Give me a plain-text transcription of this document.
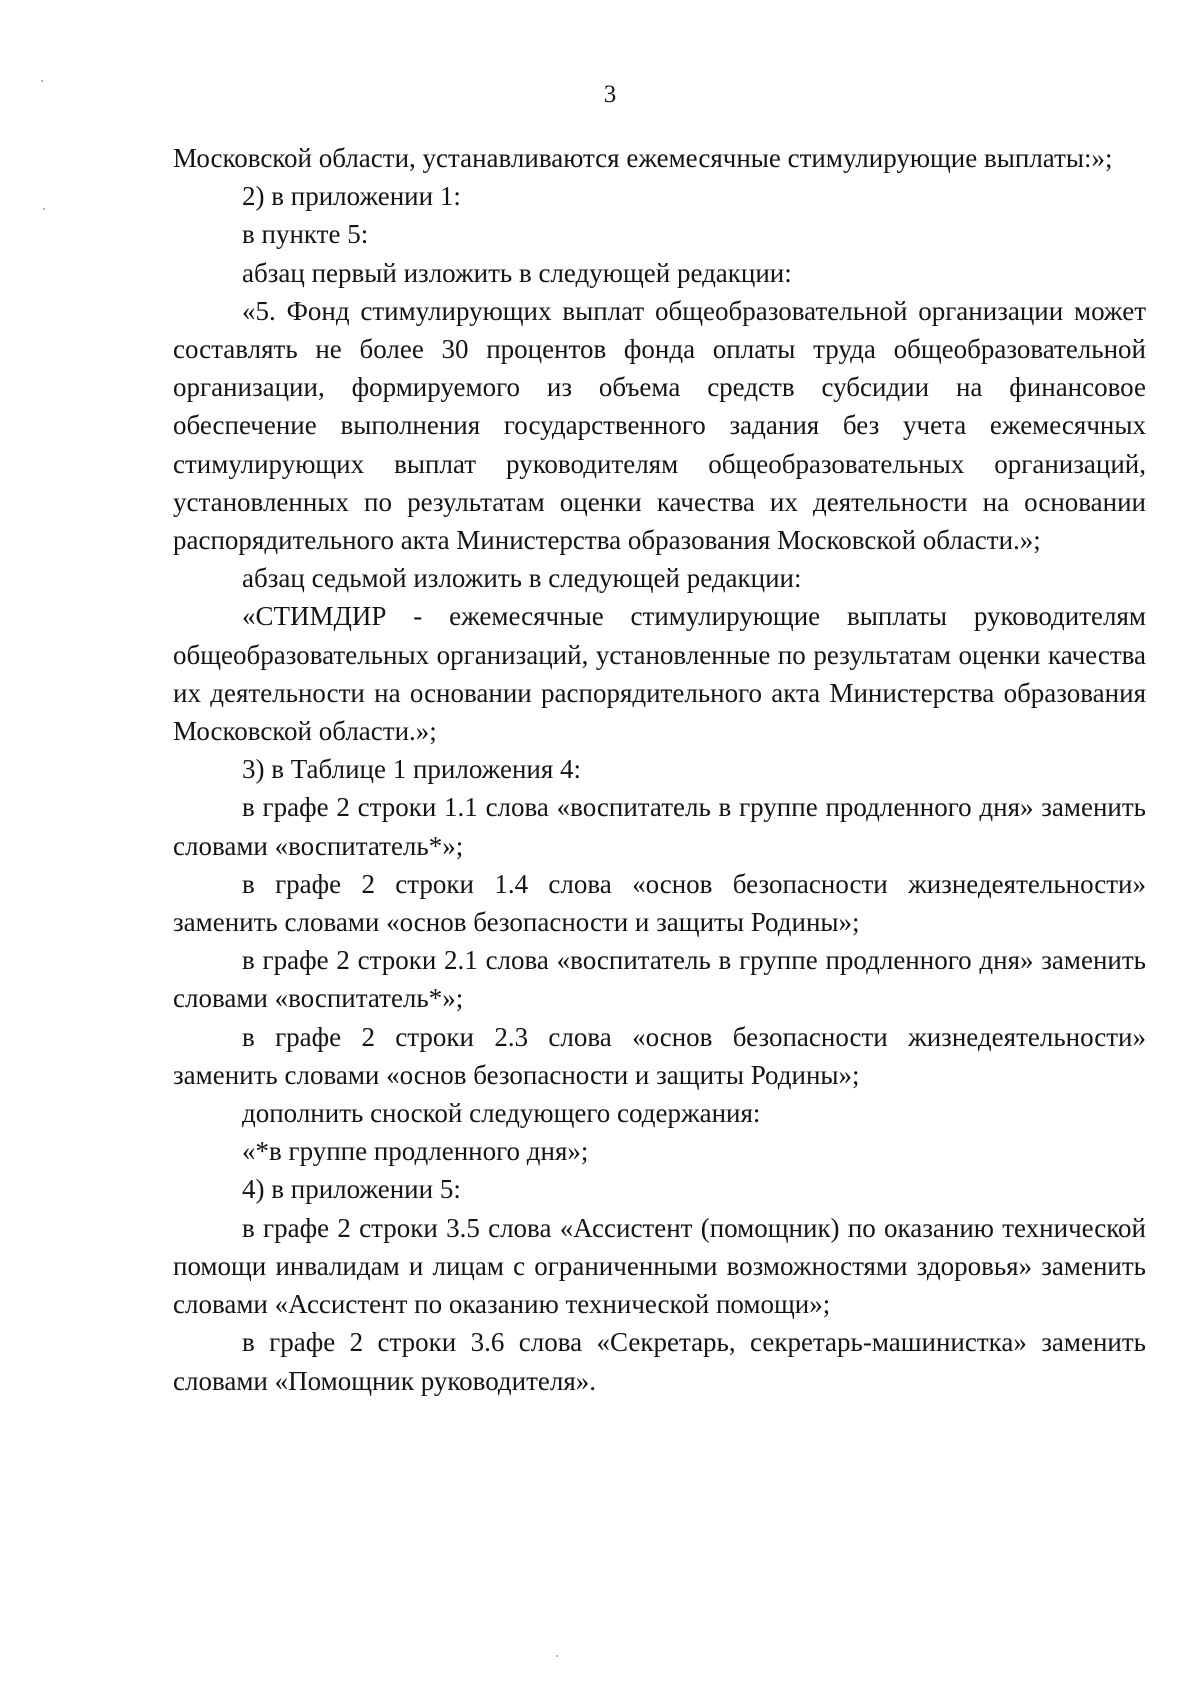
3

Московской области, устанавливаются ежемесячные стимулирующие выплаты:»;

2) в приложении 1:

в пункте 5:

абзац первый изложить в следующей редакции:

«5. Фонд стимулирующих выплат общеобразовательной организации может составлять не более 30 процентов фонда оплаты труда общеобразовательной организации, формируемого из объема средств субсидии на финансовое обеспечение выполнения государственного задания без учета ежемесячных стимулирующих выплат руководителям общеобразовательных организаций, установленных по результатам оценки качества их деятельности на основании распорядительного акта Министерства образования Московской области.»;

абзац седьмой изложить в следующей редакции:

«СТИМДИР - ежемесячные стимулирующие выплаты руководителям общеобразовательных организаций, установленные по результатам оценки качества их деятельности на основании распорядительного акта Министерства образования Московской области.»;

3) в Таблице 1 приложения 4:

в графе 2 строки 1.1 слова «воспитатель в группе продленного дня» заменить словами «воспитатель*»;

в графе 2 строки 1.4 слова «основ безопасности жизнедеятельности» заменить словами «основ безопасности и защиты Родины»;

в графе 2 строки 2.1 слова «воспитатель в группе продленного дня» заменить словами «воспитатель*»;

в графе 2 строки 2.3 слова «основ безопасности жизнедеятельности» заменить словами «основ безопасности и защиты Родины»;

дополнить сноской следующего содержания:

«*в группе продленного дня»;

4) в приложении 5:

в графе 2 строки 3.5 слова «Ассистент (помощник) по оказанию технической помощи инвалидам и лицам с ограниченными возможностями здоровья» заменить словами «Ассистент по оказанию технической помощи»;

в графе 2 строки 3.6 слова «Секретарь, секретарь-машинистка» заменить словами «Помощник руководителя».
